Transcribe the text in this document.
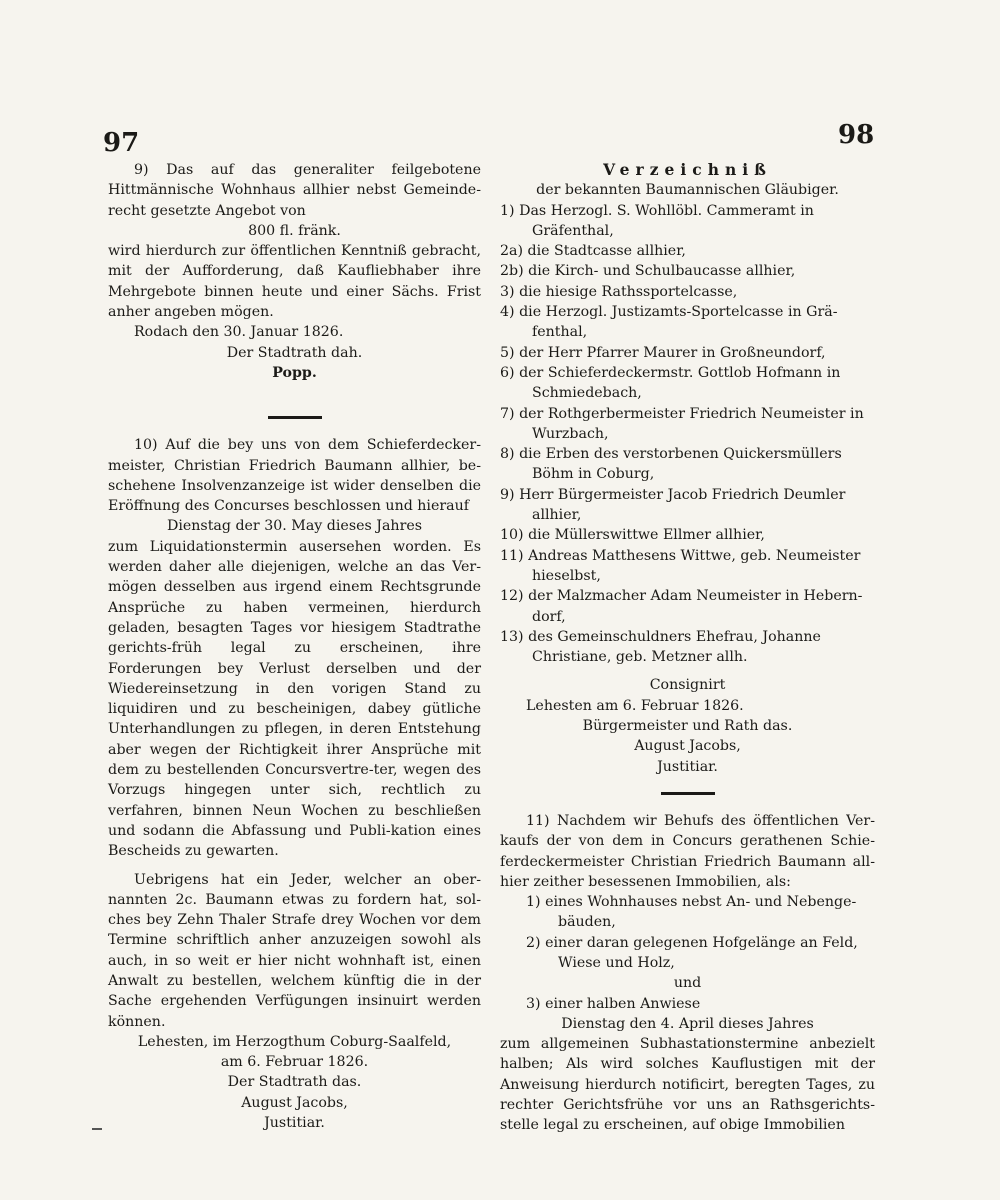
97	98

9) Das auf das generaliter feilgebotene Hittmännische Wohnhaus allhier nebst Gemeinde-recht gesetzte Angebot von

800 fl. fränk.

wird hierdurch zur öffentlichen Kenntniß gebracht, mit der Aufforderung, daß Kaufliebhaber ihre Mehrgebote binnen heute und einer Sächs. Frist anher angeben mögen.

Rodach den 30. Januar 1826.

Der Stadtrath dah.

Popp.

10) Auf die bey uns von dem Schieferdecker-meister, Christian Friedrich Baumann allhier, be-schehene Insolvenzanzeige ist wider denselben die Eröffnung des Concurses beschlossen und hierauf

Dienstag der 30. May dieses Jahres

zum Liquidationstermin ausersehen worden. Es werden daher alle diejenigen, welche an das Ver-mögen desselben aus irgend einem Rechtsgrunde Ansprüche zu haben vermeinen, hierdurch geladen, besagten Tages vor hiesigem Stadtrathe gerichts-früh legal zu erscheinen, ihre Forderungen bey Verlust derselben und der Wiedereinsetzung in den vorigen Stand zu liquidiren und zu bescheinigen, dabey gütliche Unterhandlungen zu pflegen, in deren Entstehung aber wegen der Richtigkeit ihrer Ansprüche mit dem zu bestellenden Concursvertre-ter, wegen des Vorzugs hingegen unter sich, rechtlich zu verfahren, binnen Neun Wochen zu beschließen und sodann die Abfassung und Publi-kation eines Bescheids zu gewarten.

Uebrigens hat ein Jeder, welcher an ober-nannten 2c. Baumann etwas zu fordern hat, sol-ches bey Zehn Thaler Strafe drey Wochen vor dem Termine schriftlich anher anzuzeigen sowohl als auch, in so weit er hier nicht wohnhaft ist, einen Anwalt zu bestellen, welchem künftig die in der Sache ergehenden Verfügungen insinuirt werden können.

Lehesten, im Herzogthum Coburg-Saalfeld,

am 6. Februar 1826.

Der Stadtrath das.

August Jacobs,

Justitiar.

Verzeichniß

der bekannten Baumannischen Gläubiger.

1) Das Herzogl. S. Wohllöbl. Cammeramt in Gräfenthal,

2a) die Stadtcasse allhier,

2b) die Kirch- und Schulbaucasse allhier,

3) die hiesige Rathssportelcasse,

4) die Herzogl. Justizamts-Sportelcasse in Grä-fenthal,

5) der Herr Pfarrer Maurer in Großneundorf,

6) der Schieferdeckermstr. Gottlob Hofmann in Schmiedebach,

7) der Rothgerbermeister Friedrich Neumeister in Wurzbach,

8) die Erben des verstorbenen Quickersmüllers Böhm in Coburg,

9) Herr Bürgermeister Jacob Friedrich Deumler allhier,

10) die Müllerswittwe Ellmer allhier,

11) Andreas Matthesens Wittwe, geb. Neumeister hieselbst,

12) der Malzmacher Adam Neumeister in Hebern-dorf,

13) des Gemeinschuldners Ehefrau, Johanne Christiane, geb. Metzner allh.

Consignirt

Lehesten am 6. Februar 1826.

Bürgermeister und Rath das.

August Jacobs,

Justitiar.

11) Nachdem wir Behufs des öffentlichen Ver-kaufs der von dem in Concurs gerathenen Schie-ferdeckermeister Christian Friedrich Baumann all-hier zeither besessenen Immobilien, als:

1) eines Wohnhauses nebst An- und Nebenge-bäuden,

2) einer daran gelegenen Hofgelänge an Feld, Wiese und Holz,

und

3) einer halben Anwiese

Dienstag den 4. April dieses Jahres

zum allgemeinen Subhastationstermine anbezielt halben; Als wird solches Kauflustigen mit der Anweisung hierdurch notificirt, beregten Tages, zu rechter Gerichtsfrühe vor uns an Rathsgerichts-stelle legal zu erscheinen, auf obige Immobilien
